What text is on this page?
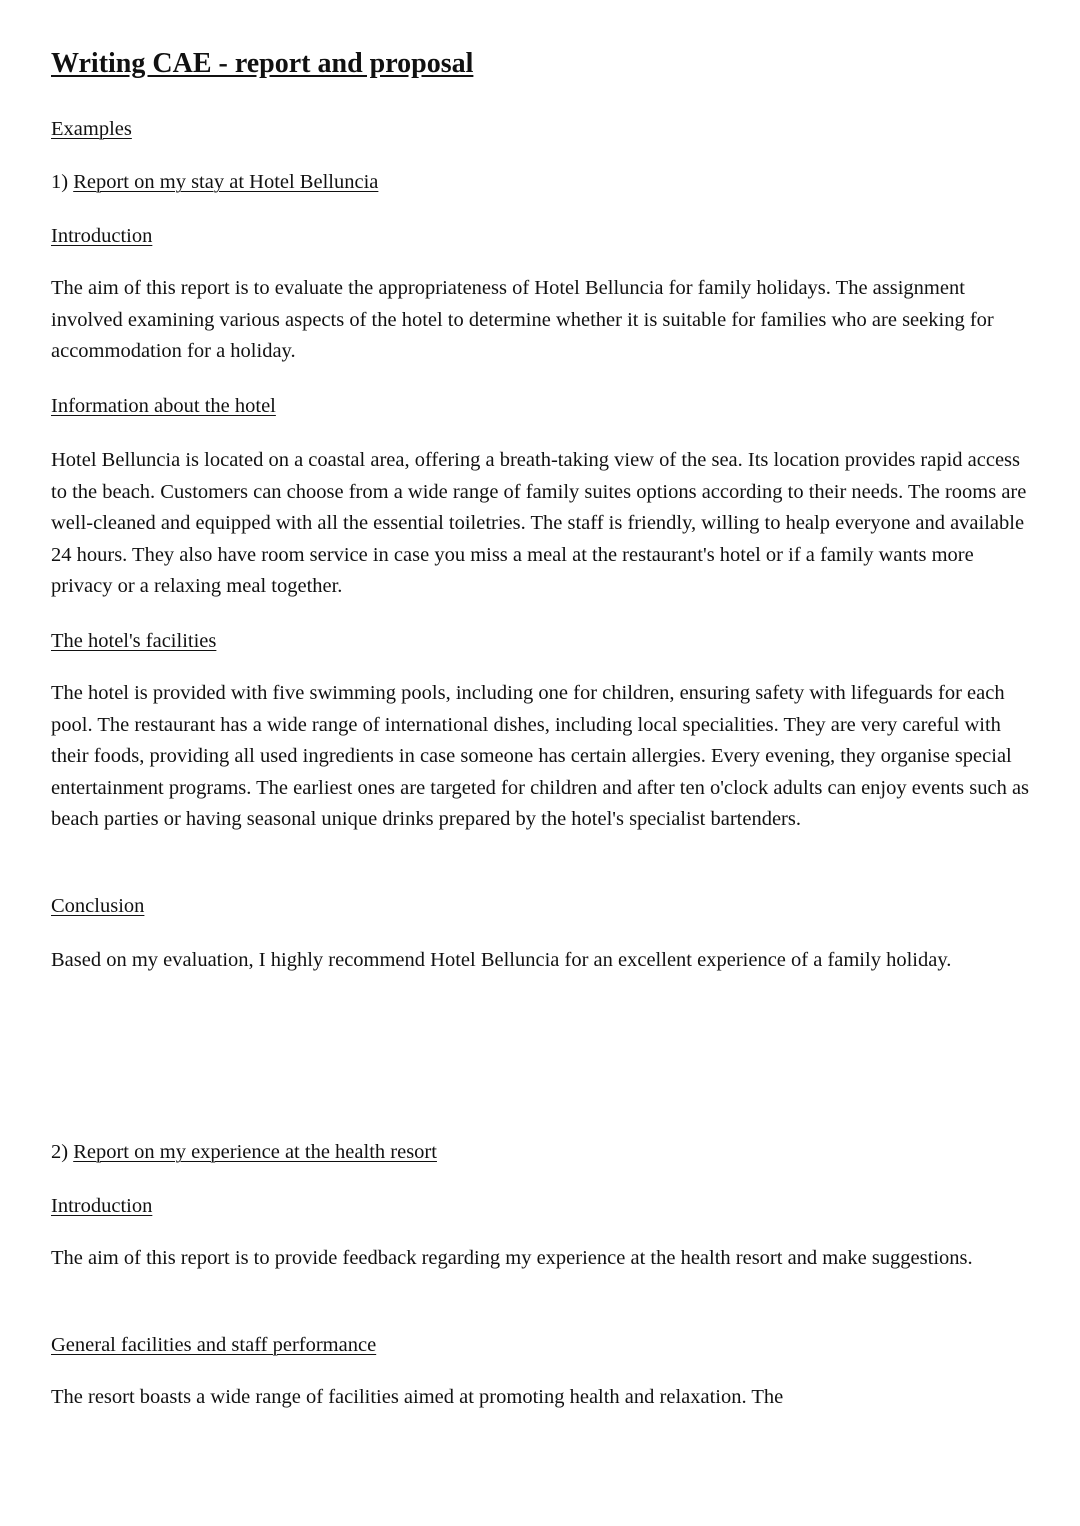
Writing CAE - report and proposal

Examples

1) Report on my stay at Hotel Belluncia

Introduction

The aim of this report is to evaluate the appropriateness of Hotel Belluncia for family holidays. The assignment involved examining various aspects of the hotel to determine whether it is suitable for families who are seeking for accommodation for a holiday.

Information about the hotel

Hotel Belluncia is located on a coastal area, offering a breath-taking view of the sea. Its location provides rapid access to the beach. Customers can choose from a wide range of family suites options according to their needs. The rooms are well-cleaned and equipped with all the essential toiletries. The staff is friendly, willing to healp everyone and available 24 hours. They also have room service in case you miss a meal at the restaurant's hotel or if a family wants more privacy or a relaxing meal together.

The hotel's facilities

The hotel is provided with five swimming pools, including one for children, ensuring safety with lifeguards for each pool. The restaurant has a wide range of international dishes, including local specialities. They are very careful with their foods, providing all used ingredients in case someone has certain allergies. Every evening, they organise special entertainment programs. The earliest ones are targeted for children and after ten o'clock adults can enjoy events such as beach parties or having seasonal unique drinks prepared by the hotel's specialist bartenders.

Conclusion

Based on my evaluation, I highly recommend Hotel Belluncia for an excellent experience of a family holiday.

2) Report on my experience at the health resort

Introduction

The aim of this report is to provide feedback regarding my experience at the health resort and make suggestions.

General facilities and staff performance

The resort boasts a wide range of facilities aimed at promoting health and relaxation. The
